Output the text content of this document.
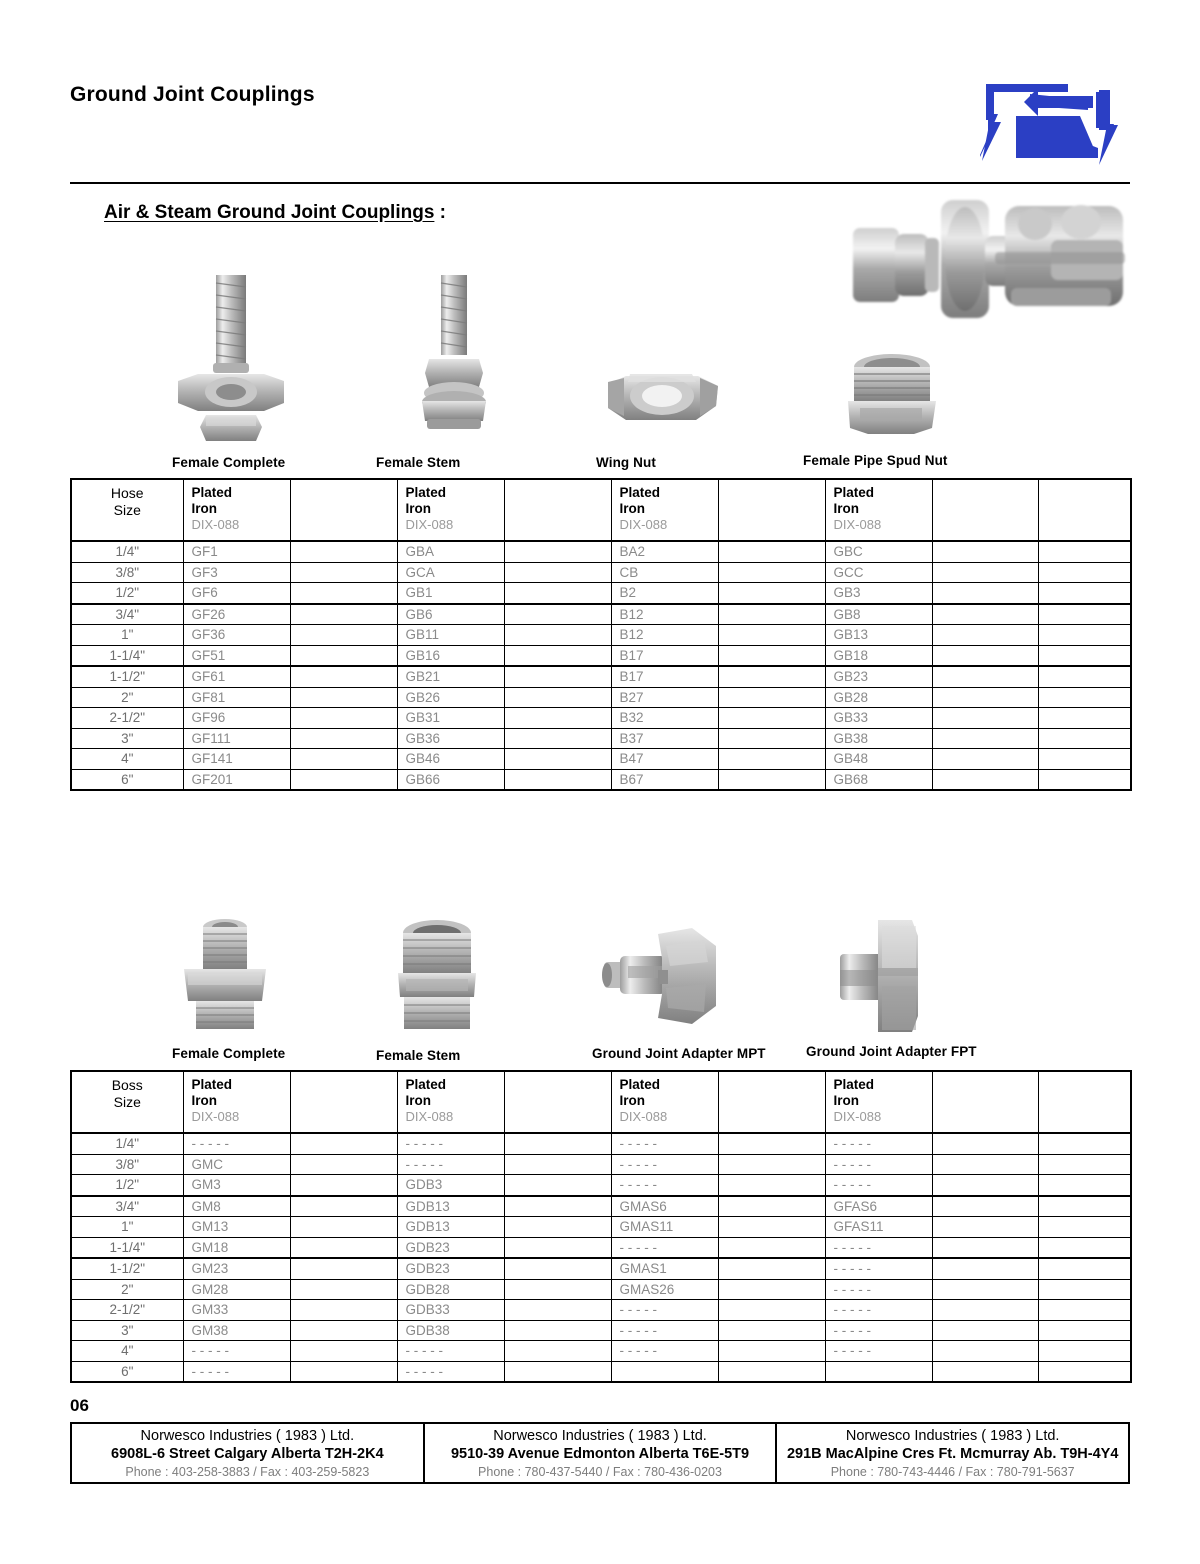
Ground Joint Couplings
Air & Steam Ground Joint Couplings :
Female Complete	Female Stem	Wing Nut	Female Pipe Spud Nut
Hose
Size	Plated
Iron
DIX-088		Plated
Iron
DIX-088		Plated
Iron
DIX-088		Plated
Iron
DIX-088		

1/4"	GF1		GBA		BA2		GBC		
3/8"	GF3		GCA		CB		GCC		
1/2"	GF6		GB1		B2		GB3		
3/4"	GF26		GB6		B12		GB8		
1"	GF36		GB11		B12		GB13		
1-1/4"	GF51		GB16		B17		GB18		
1-1/2"	GF61		GB21		B17		GB23		
2"	GF81		GB26		B27		GB28		
2-1/2"	GF96		GB31		B32		GB33		
3"	GF111		GB36		B37		GB38		
4"	GF141		GB46		B47		GB48		
6"	GF201		GB66		B67		GB68		
Female Complete	Female Stem	Ground Joint Adapter MPT	Ground Joint Adapter FPT
Boss
Size	Plated
Iron
DIX-088		Plated
Iron
DIX-088		Plated
Iron
DIX-088		Plated
Iron
DIX-088		

1/4"	- - - - -		- - - - -		- - - - -		- - - - -		
3/8"	GMC		- - - - -		- - - - -		- - - - -		
1/2"	GM3		GDB3		- - - - -		- - - - -		
3/4"	GM8		GDB13		GMAS6		GFAS6		
1"	GM13		GDB13		GMAS11		GFAS11		
1-1/4"	GM18		GDB23		- - - - -		- - - - -		
1-1/2"	GM23		GDB23		GMAS1		- - - - -		
2"	GM28		GDB28		GMAS26		- - - - -		
2-1/2"	GM33		GDB33		- - - - -		- - - - -		
3"	GM38		GDB38		- - - - -		- - - - -		
4"	- - - - -		- - - - -		- - - - -		- - - - -		
6"	- - - - -		- - - - -						
06
Norwesco Industries ( 1983 ) Ltd.
6908L-6 Street Calgary Alberta T2H-2K4
Phone : 403-258-3883 / Fax : 403-259-5823
Norwesco Industries ( 1983 ) Ltd.
9510-39 Avenue Edmonton Alberta T6E-5T9
Phone : 780-437-5440 / Fax : 780-436-0203
Norwesco Industries ( 1983 ) Ltd.
291B MacAlpine Cres Ft. Mcmurray Ab. T9H-4Y4
Phone : 780-743-4446 / Fax : 780-791-5637
